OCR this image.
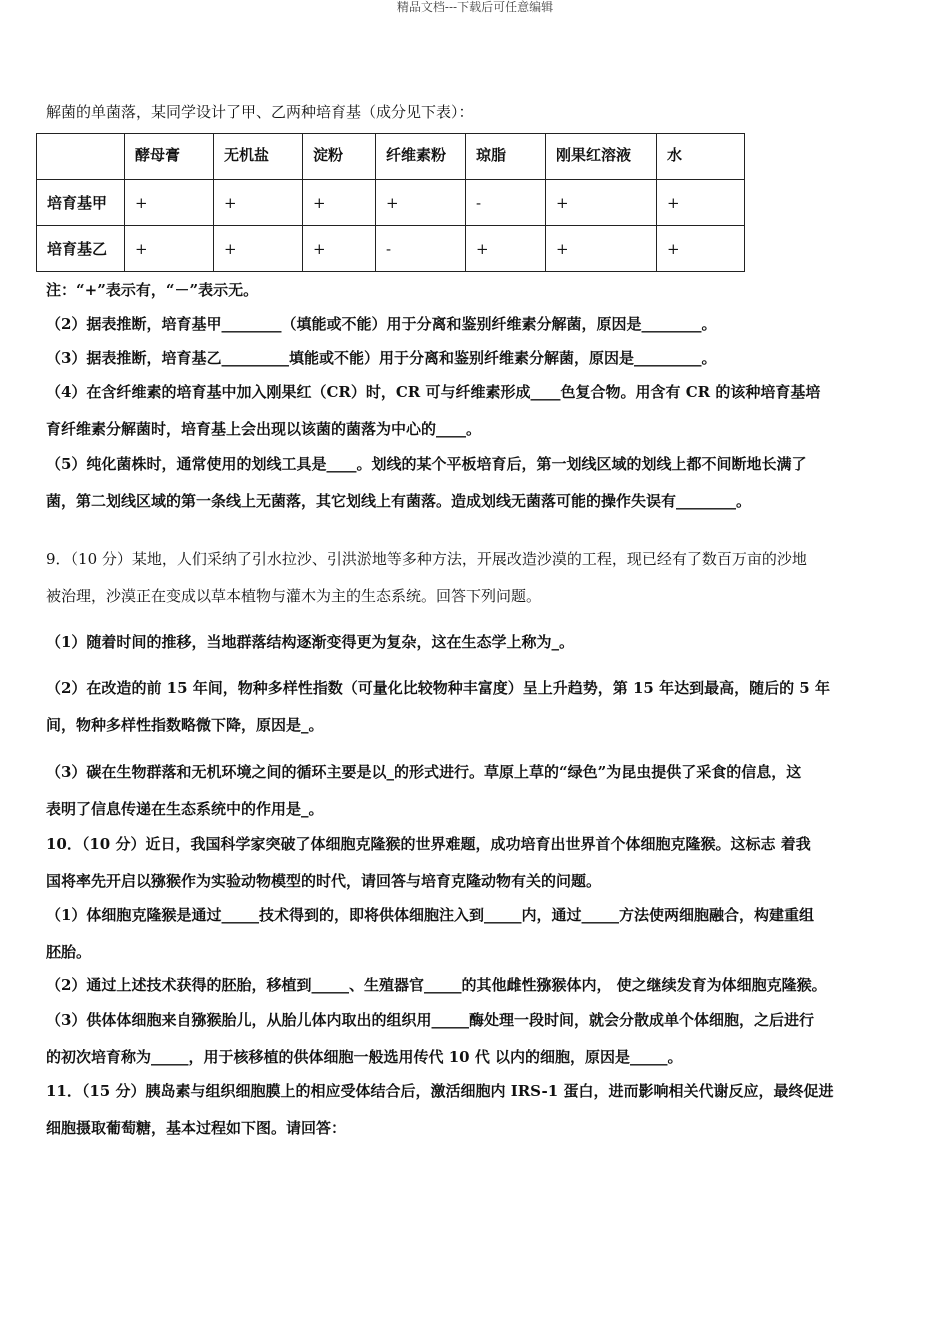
精品文档---下载后可任意编辑
解菌的单菌落，某同学设计了甲、乙两种培育基（成分见下表）：
	酵母膏	无机盐	淀粉	纤维素粉	琼脂	刚果红溶液	水
培育基甲	+	+	+	+	-	+	+
培育基乙	+	+	+	-	+	+	+
注：“+”表示有，“－”表示无。
（2）据表推断，培育基甲________（填能或不能）用于分离和鉴别纤维素分解菌，原因是________。
（3）据表推断，培育基乙_________填能或不能）用于分离和鉴别纤维素分解菌，原因是_________。
（4）在含纤维素的培育基中加入刚果红（CR）时，CR 可与纤维素形成____色复合物。用含有 CR 的该种培育基培
育纤维素分解菌时，培育基上会出现以该菌的菌落为中心的____。
（5）纯化菌株时，通常使用的划线工具是____。划线的某个平板培育后，第一划线区域的划线上都不间断地长满了
菌，第二划线区域的第一条线上无菌落，其它划线上有菌落。造成划线无菌落可能的操作失误有________。
9．（10 分）某地，人们采纳了引水拉沙、引洪淤地等多种方法，开展改造沙漠的工程，现已经有了数百万亩的沙地
被治理，沙漠正在变成以草本植物与灌木为主的生态系统。回答下列问题。
（1）随着时间的推移，当地群落结构逐渐变得更为复杂，这在生态学上称为_。
（2）在改造的前 15 年间，物种多样性指数（可量化比较物种丰富度）呈上升趋势，第 15 年达到最高，随后的 5 年
间，物种多样性指数略微下降，原因是_。
（3）碳在生物群落和无机环境之间的循环主要是以_的形式进行。草原上草的“绿色”为昆虫提供了采食的信息，这
表明了信息传递在生态系统中的作用是_。
10．（10 分）近日，我国科学家突破了体细胞克隆猴的世界难题，成功培育出世界首个体细胞克隆猴。这标志 着我
国将率先开启以猕猴作为实验动物模型的时代，请回答与培育克隆动物有关的问题。
（1）体细胞克隆猴是通过_____技术得到的，即将供体细胞注入到_____内，通过_____方法使两细胞融合，构建重组
胚胎。
（2）通过上述技术获得的胚胎，移植到_____、生殖器官_____的其他雌性猕猴体内， 使之继续发育为体细胞克隆猴。
（3）供体体细胞来自猕猴胎儿，从胎儿体内取出的组织用_____酶处理一段时间，就会分散成单个体细胞，之后进行
的初次培育称为_____，用于核移植的供体细胞一般选用传代 10 代 以内的细胞，原因是_____。
11．（15 分）胰岛素与组织细胞膜上的相应受体结合后，激活细胞内 IRS-1 蛋白，进而影响相关代谢反应，最终促进
细胞摄取葡萄糖，基本过程如下图。请回答：
